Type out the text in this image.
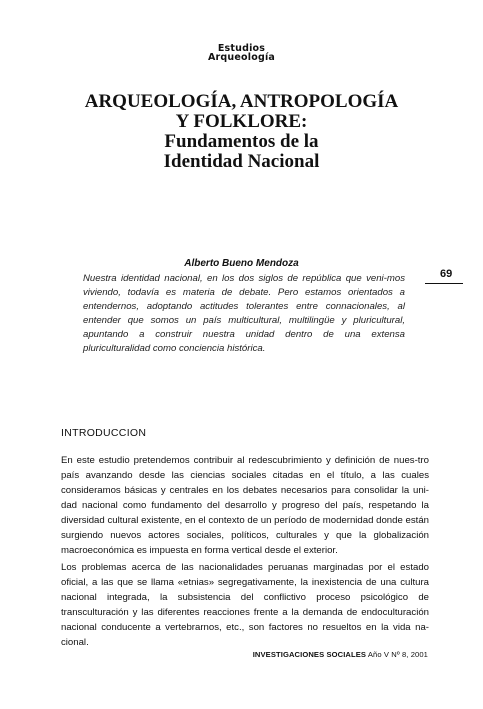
Estudios
Arqueología

ARQUEOLOGÍA, ANTROPOLOGÍA

Y FOLKLORE:

Fundamentos de la

Identidad Nacional

Alberto Bueno Mendoza
Nuestra identidad nacional, en los dos siglos de república que veni-mos viviendo, todavía es materia de debate. Pero estamos orientados a entendernos, adoptando actitudes tolerantes entre connacionales, al entender que somos un país multicultural, multilingüe y pluricultural, apuntando a construir nuestra unidad dentro de una extensa pluriculturalidad como conciencia histórica.
69
INTRODUCCION
En este estudio pretendemos contribuir al redescubrimiento y definición de nues-tro país avanzando desde las ciencias sociales citadas en el título, a las cuales consideramos básicas y centrales en los debates necesarios para consolidar la uni-dad nacional como fundamento del desarrollo y progreso del país, respetando la diversidad cultural existente, en el contexto de un período de modernidad donde están surgiendo nuevos actores sociales, políticos, culturales y que la globalización macroeconómica es impuesta en forma vertical desde el exterior.
Los problemas acerca de las nacionalidades peruanas marginadas por el estado oficial, a las que se llama «etnias» segregativamente, la inexistencia de una cultura nacional integrada, la subsistencia del conflictivo proceso psicológico de transculturación y las diferentes reacciones frente a la demanda de endoculturación nacional conducente a vertebrarnos, etc., son factores no resueltos en la vida na-cional.
INVESTIGACIONES SOCIALES Año V Nº 8, 2001
